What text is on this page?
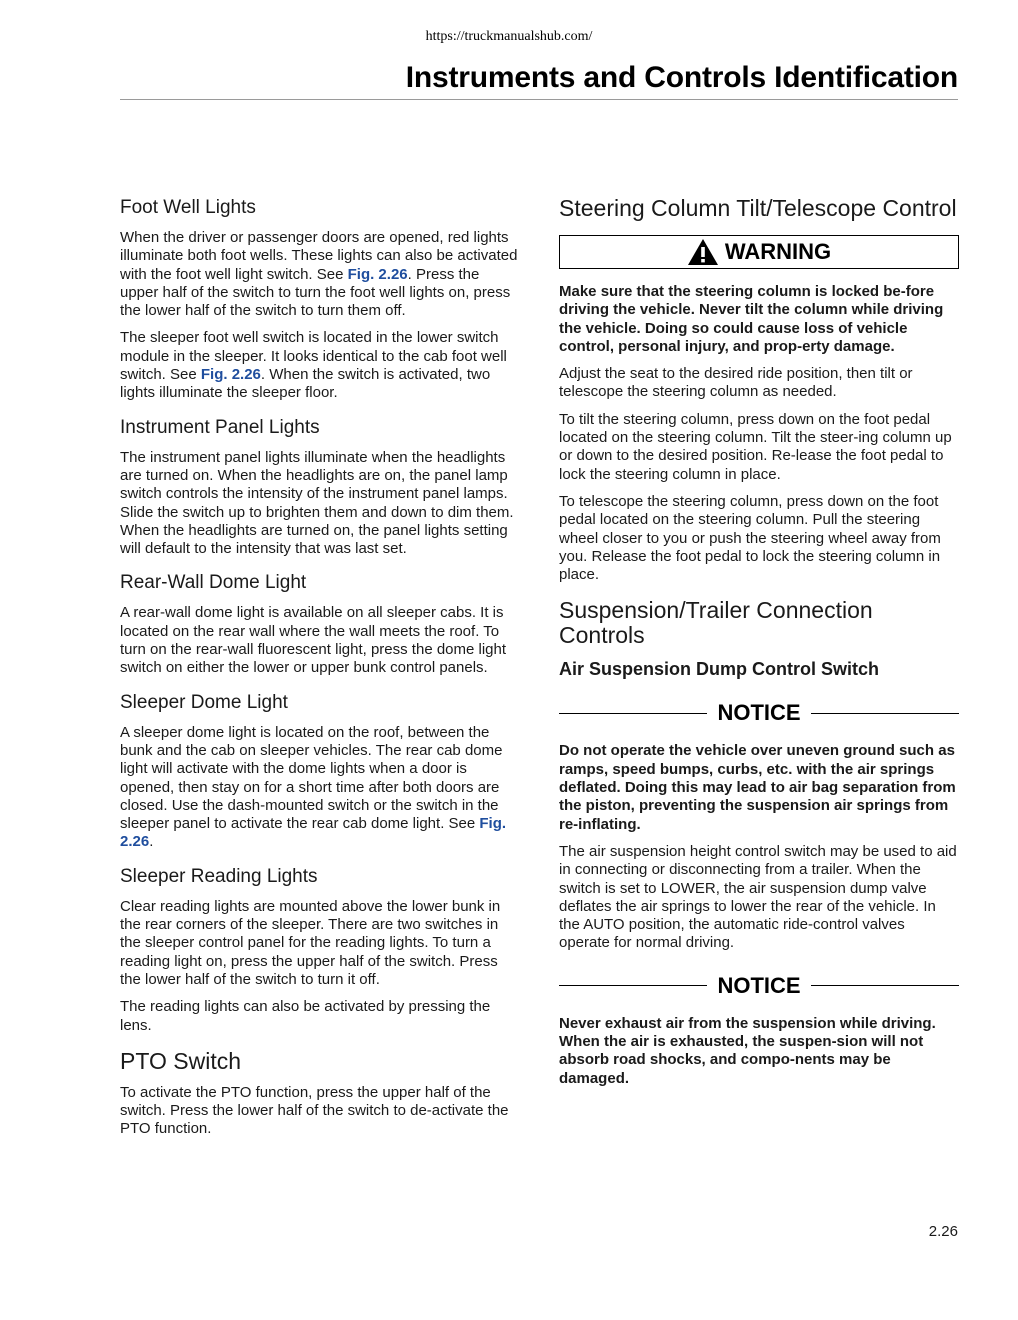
https://truckmanualshub.com/
Instruments and Controls Identification
Foot Well Lights

When the driver or passenger doors are opened, red lights illuminate both foot wells. These lights can also be activated with the foot well light switch. See Fig. 2.26. Press the upper half of the switch to turn the foot well lights on, press the lower half of the switch to turn them off.

The sleeper foot well switch is located in the lower switch module in the sleeper. It looks identical to the cab foot well switch. See Fig. 2.26. When the switch is activated, two lights illuminate the sleeper floor.

Instrument Panel Lights

The instrument panel lights illuminate when the headlights are turned on. When the headlights are on, the panel lamp switch controls the intensity of the instrument panel lamps. Slide the switch up to brighten them and down to dim them. When the headlights are turned on, the panel lights setting will default to the intensity that was last set.

Rear-Wall Dome Light

A rear-wall dome light is available on all sleeper cabs. It is located on the rear wall where the wall meets the roof. To turn on the rear-wall fluorescent light, press the dome light switch on either the lower or upper bunk control panels.

Sleeper Dome Light

A sleeper dome light is located on the roof, between the bunk and the cab on sleeper vehicles. The rear cab dome light will activate with the dome lights when a door is opened, then stay on for a short time after both doors are closed. Use the dash-mounted switch or the switch in the sleeper panel to activate the rear cab dome light. See Fig. 2.26.

Sleeper Reading Lights

Clear reading lights are mounted above the lower bunk in the rear corners of the sleeper. There are two switches in the sleeper control panel for the reading lights. To turn a reading light on, press the upper half of the switch. Press the lower half of the switch to turn it off.

The reading lights can also be activated by pressing the lens.

PTO Switch

To activate the PTO function, press the upper half of the switch. Press the lower half of the switch to de-activate the PTO function.

Steering Column Tilt/Telescope Control
WARNING

Make sure that the steering column is locked be-fore driving the vehicle. Never tilt the column while driving the vehicle. Doing so could cause loss of vehicle control, personal injury, and prop-erty damage.

Adjust the seat to the desired ride position, then tilt or telescope the steering column as needed.

To tilt the steering column, press down on the foot pedal located on the steering column. Tilt the steer-ing column up or down to the desired position. Re-lease the foot pedal to lock the steering column in place.

To telescope the steering column, press down on the foot pedal located on the steering column. Pull the steering wheel closer to you or push the steering wheel away from you. Release the foot pedal to lock the steering column in place.

Suspension/Trailer Connection Controls
Air Suspension Dump Control Switch
NOTICE

Do not operate the vehicle over uneven ground such as ramps, speed bumps, curbs, etc. with the air springs deflated. Doing this may lead to air bag separation from the piston, preventing the suspension air springs from re-inflating.

The air suspension height control switch may be used to aid in connecting or disconnecting from a trailer. When the switch is set to LOWER, the air suspension dump valve deflates the air springs to lower the rear of the vehicle. In the AUTO position, the automatic ride-control valves operate for normal driving.

NOTICE

Never exhaust air from the suspension while driving. When the air is exhausted, the suspen-sion will not absorb road shocks, and compo-nents may be damaged.

2.26
